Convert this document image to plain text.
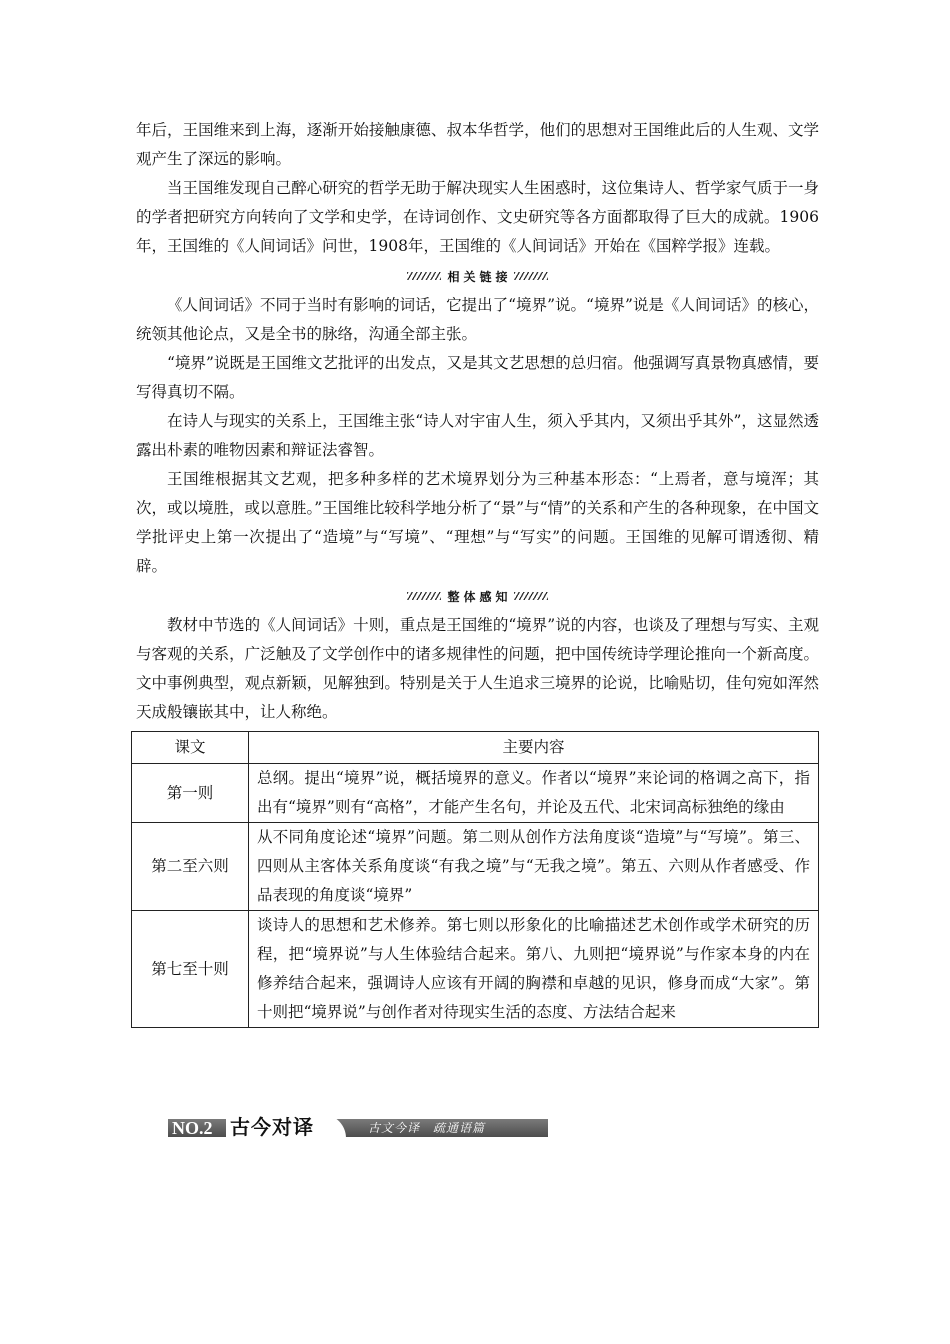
年后，王国维来到上海，逐渐开始接触康德、叔本华哲学，他们的思想对王国维此后的人生观、文学观产生了深远的影响。

当王国维发现自己醉心研究的哲学无助于解决现实人生困惑时，这位集诗人、哲学家气质于一身的学者把研究方向转向了文学和史学，在诗词创作、文史研究等各方面都取得了巨大的成就。1906年，王国维的《人间词话》问世，1908年，王国维的《人间词话》开始在《国粹学报》连载。

相关链接

《人间词话》不同于当时有影响的词话，它提出了“境界”说。“境界”说是《人间词话》的核心，统领其他论点，又是全书的脉络，沟通全部主张。

“境界”说既是王国维文艺批评的出发点，又是其文艺思想的总归宿。他强调写真景物真感情，要写得真切不隔。

在诗人与现实的关系上，王国维主张“诗人对宇宙人生，须入乎其内，又须出乎其外”，这显然透露出朴素的唯物因素和辩证法睿智。

王国维根据其文艺观，把多种多样的艺术境界划分为三种基本形态：“上焉者，意与境浑；其次，或以境胜，或以意胜。”王国维比较科学地分析了“景”与“情”的关系和产生的各种现象，在中国文学批评史上第一次提出了“造境”与“写境”、“理想”与“写实”的问题。王国维的见解可谓透彻、精辟。

整体感知

教材中节选的《人间词话》十则，重点是王国维的“境界”说的内容，也谈及了理想与写实、主观与客观的关系，广泛触及了文学创作中的诸多规律性的问题，把中国传统诗学理论推向一个新高度。文中事例典型，观点新颖，见解独到。特别是关于人生追求三境界的论说，比喻贴切，佳句宛如浑然天成般镶嵌其中，让人称绝。

课文	主要内容
第一则	总纲。提出“境界”说，概括境界的意义。作者以“境界”来论词的格调之高下，指出有“境界”则有“高格”，才能产生名句，并论及五代、北宋词高标独绝的缘由
第二至六则	从不同角度论述“境界”问题。第二则从创作方法角度谈“造境”与“写境”。第三、四则从主客体关系角度谈“有我之境”与“无我之境”。第五、六则从作者感受、作品表现的角度谈“境界”
第七至十则	谈诗人的思想和艺术修养。第七则以形象化的比喻描述艺术创作或学术研究的历程，把“境界说”与人生体验结合起来。第八、九则把“境界说”与作家本身的内在修养结合起来，强调诗人应该有开阔的胸襟和卓越的见识，修身而成“大家”。第十则把“境界说”与创作者对待现实生活的态度、方法结合起来
NO.2 古今对译	古文今译　疏通语篇
